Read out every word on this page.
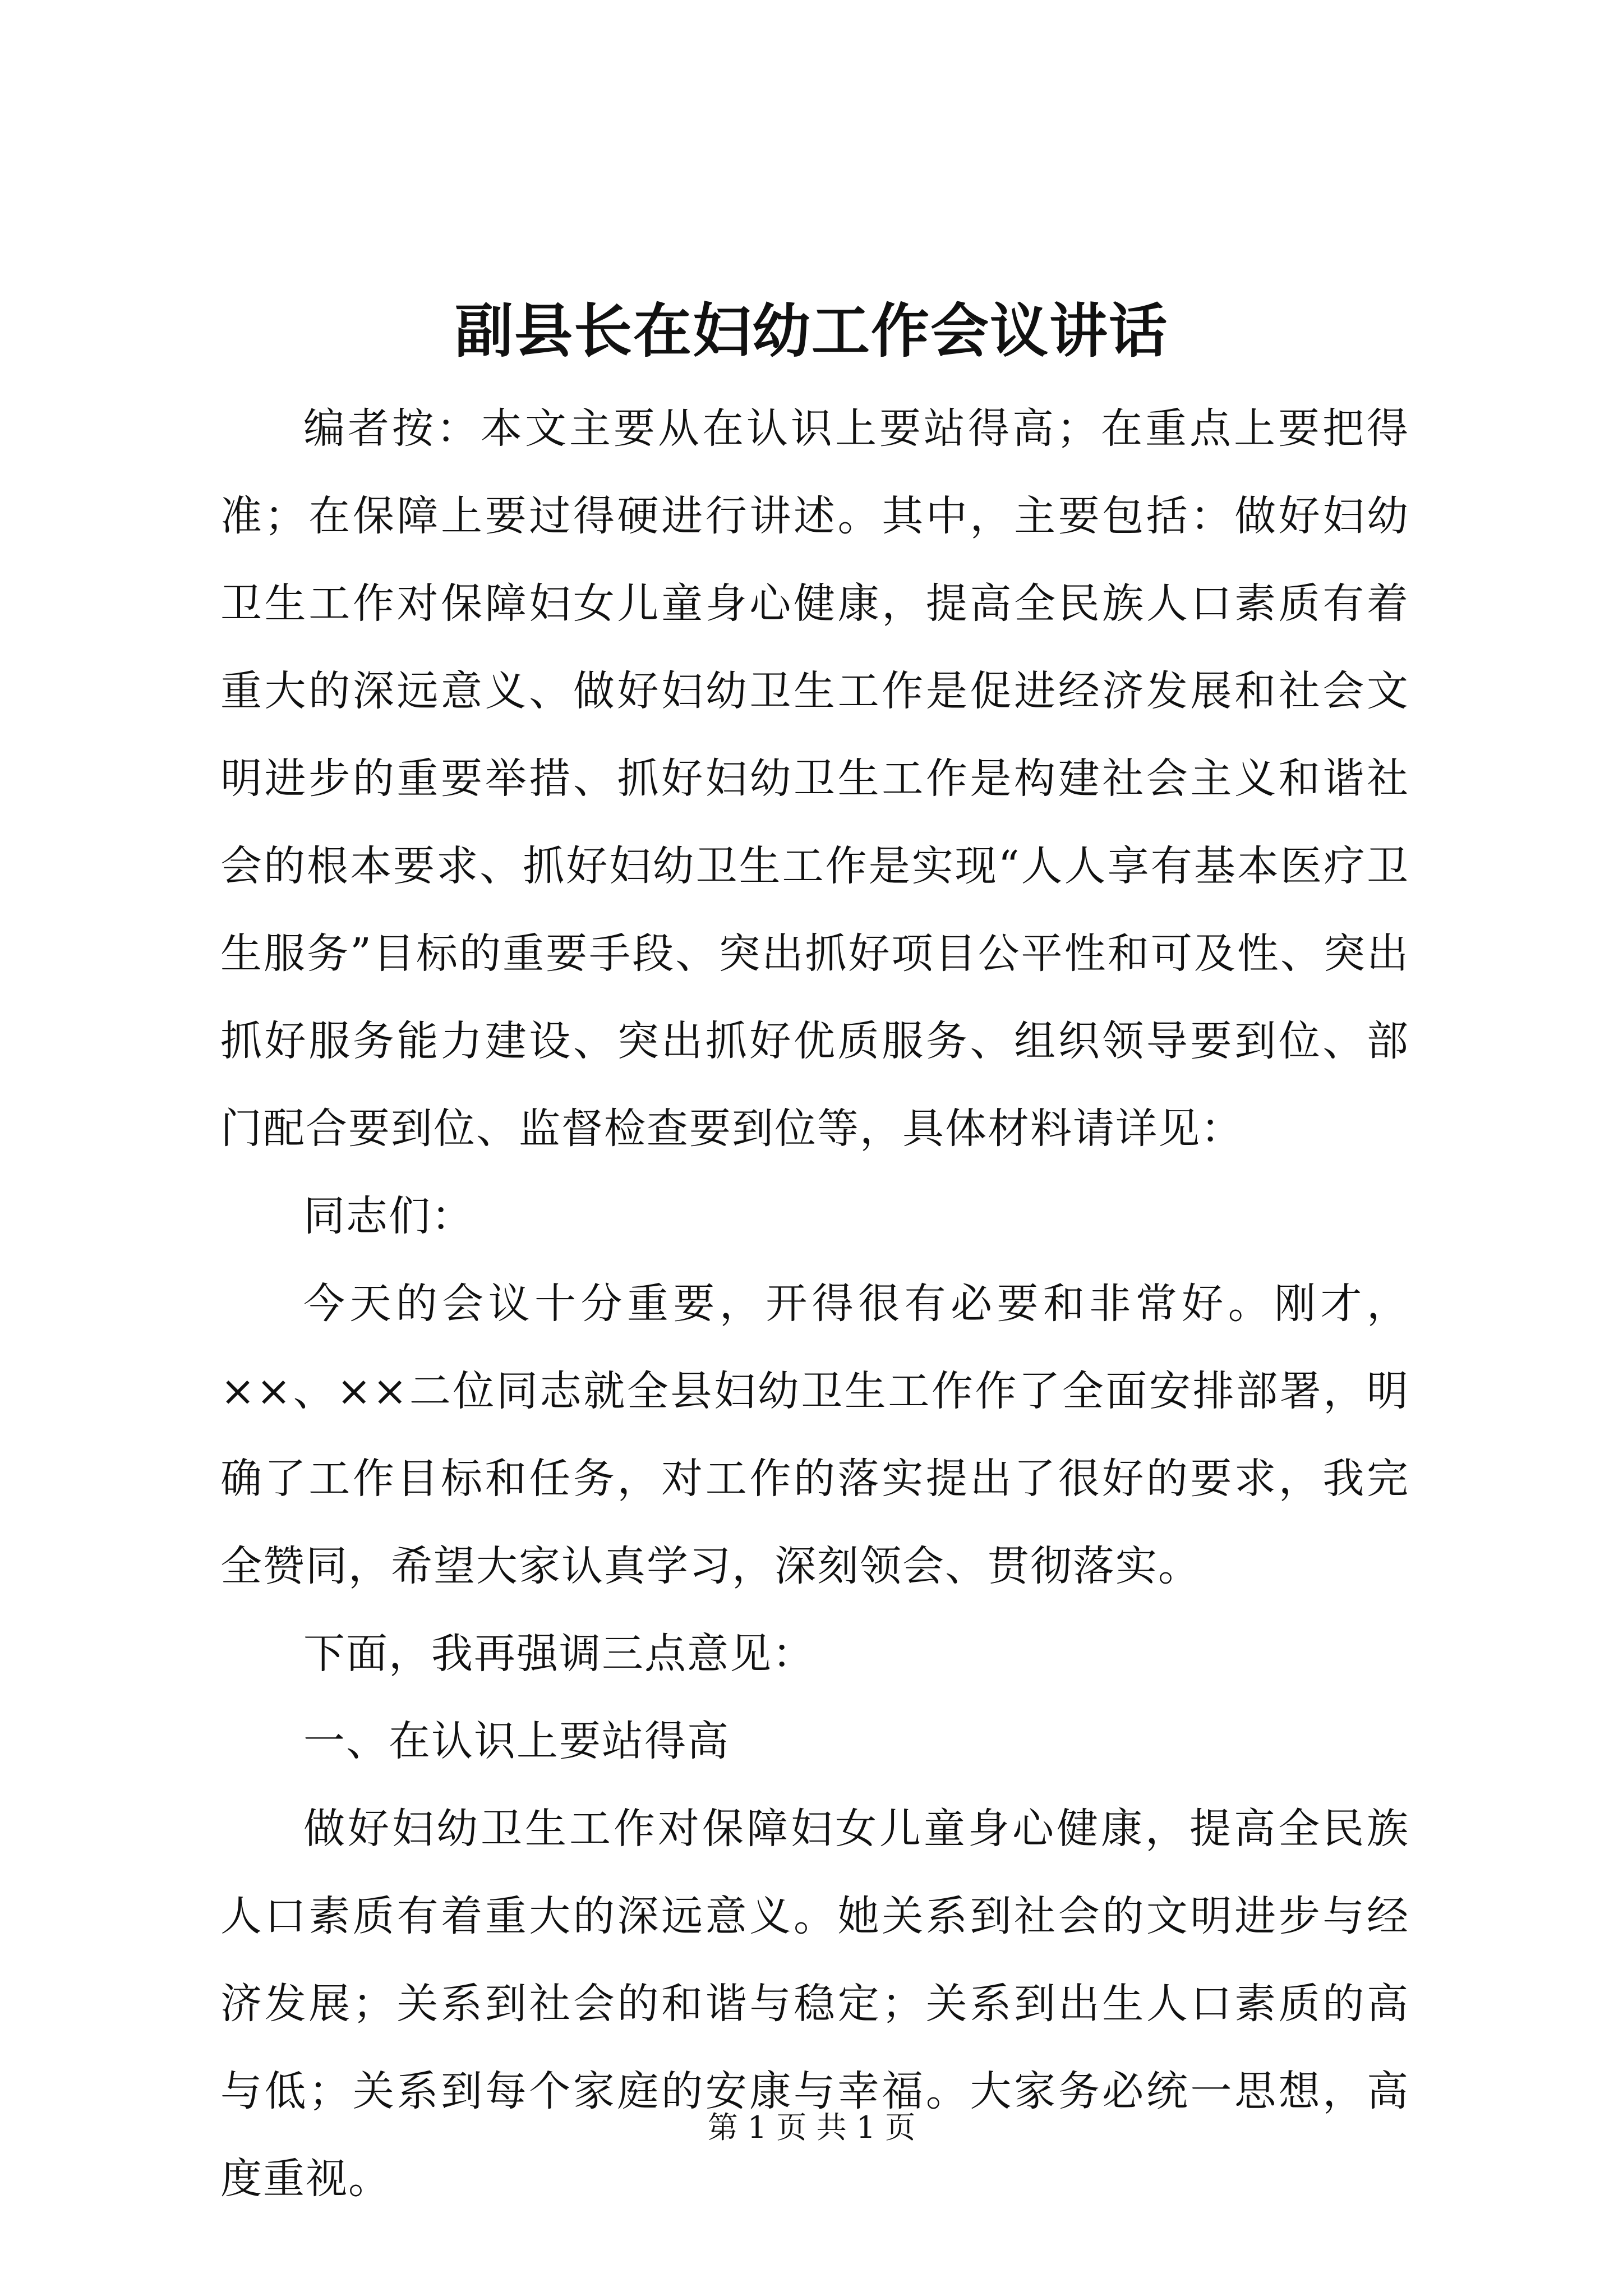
副县长在妇幼工作会议讲话

编者按：本文主要从在认识上要站得高；在重点上要把得准；在保障上要过得硬进行讲述。其中，主要包括：做好妇幼卫生工作对保障妇女儿童身心健康，提高全民族人口素质有着重大的深远意义、做好妇幼卫生工作是促进经济发展和社会文明进步的重要举措、抓好妇幼卫生工作是构建社会主义和谐社会的根本要求、抓好妇幼卫生工作是实现“人人享有基本医疗卫生服务”目标的重要手段、突出抓好项目公平性和可及性、突出抓好服务能力建设、突出抓好优质服务、组织领导要到位、部门配合要到位、监督检查要到位等，具体材料请详见：

同志们：

今天的会议十分重要，开得很有必要和非常好。刚才，××、××二位同志就全县妇幼卫生工作作了全面安排部署，明确了工作目标和任务，对工作的落实提出了很好的要求，我完全赞同，希望大家认真学习，深刻领会、贯彻落实。

下面，我再强调三点意见：

一、在认识上要站得高

做好妇幼卫生工作对保障妇女儿童身心健康，提高全民族人口素质有着重大的深远意义。她关系到社会的文明进步与经济发展；关系到社会的和谐与稳定；关系到出生人口素质的高与低；关系到每个家庭的安康与幸福。大家务必统一思想，高度重视。

第 1 页 共 1 页
